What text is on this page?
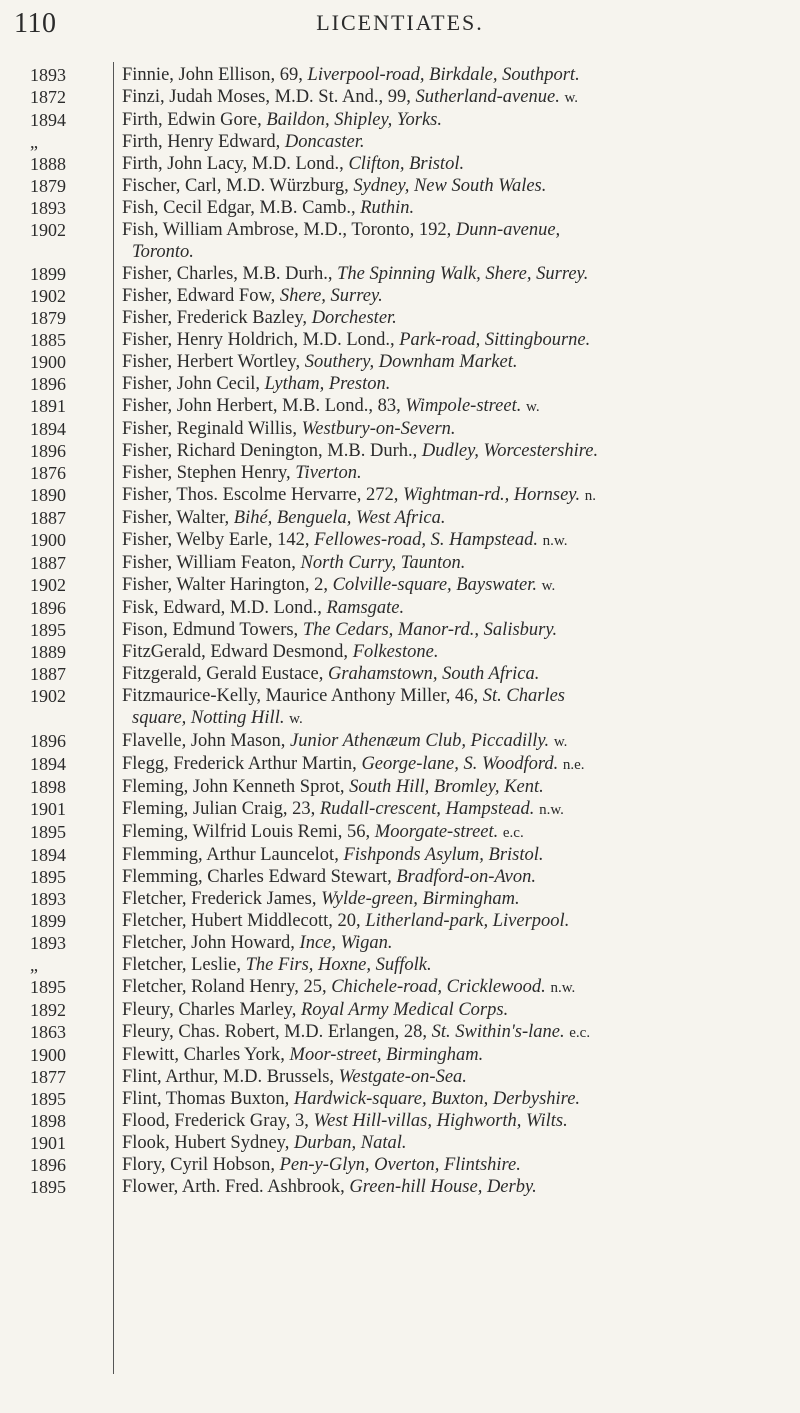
110	LICENTIATES.
1893	Finnie, John Ellison, 69, Liverpool-road, Birkdale, Southport.
1872	Finzi, Judah Moses, M.D. St. And., 99, Sutherland-avenue. w.
1894	Firth, Edwin Gore, Baildon, Shipley, Yorks.
„	Firth, Henry Edward, Doncaster.
1888	Firth, John Lacy, M.D. Lond., Clifton, Bristol.
1879	Fischer, Carl, M.D. Würzburg, Sydney, New South Wales.
1893	Fish, Cecil Edgar, M.B. Camb., Ruthin.
1902	Fish, William Ambrose, M.D., Toronto, 192, Dunn-avenue,
Toronto.
1899	Fisher, Charles, M.B. Durh., The Spinning Walk, Shere, Surrey.
1902	Fisher, Edward Fow, Shere, Surrey.
1879	Fisher, Frederick Bazley, Dorchester.
1885	Fisher, Henry Holdrich, M.D. Lond., Park-road, Sittingbourne.
1900	Fisher, Herbert Wortley, Southery, Downham Market.
1896	Fisher, John Cecil, Lytham, Preston.
1891	Fisher, John Herbert, M.B. Lond., 83, Wimpole-street. w.
1894	Fisher, Reginald Willis, Westbury-on-Severn.
1896	Fisher, Richard Denington, M.B. Durh., Dudley, Worcestershire.
1876	Fisher, Stephen Henry, Tiverton.
1890	Fisher, Thos. Escolme Hervarre, 272, Wightman-rd., Hornsey. n.
1887	Fisher, Walter, Bihé, Benguela, West Africa.
1900	Fisher, Welby Earle, 142, Fellowes-road, S. Hampstead. n.w.
1887	Fisher, William Featon, North Curry, Taunton.
1902	Fisher, Walter Harington, 2, Colville-square, Bayswater. w.
1896	Fisk, Edward, M.D. Lond., Ramsgate.
1895	Fison, Edmund Towers, The Cedars, Manor-rd., Salisbury.
1889	FitzGerald, Edward Desmond, Folkestone.
1887	Fitzgerald, Gerald Eustace, Grahamstown, South Africa.
1902	Fitzmaurice-Kelly, Maurice Anthony Miller, 46, St. Charles
square, Notting Hill. w.
1896	Flavelle, John Mason, Junior Athenæum Club, Piccadilly. w.
1894	Flegg, Frederick Arthur Martin, George-lane, S. Woodford. n.e.
1898	Fleming, John Kenneth Sprot, South Hill, Bromley, Kent.
1901	Fleming, Julian Craig, 23, Rudall-crescent, Hampstead. n.w.
1895	Fleming, Wilfrid Louis Remi, 56, Moorgate-street. e.c.
1894	Flemming, Arthur Launcelot, Fishponds Asylum, Bristol.
1895	Flemming, Charles Edward Stewart, Bradford-on-Avon.
1893	Fletcher, Frederick James, Wylde-green, Birmingham.
1899	Fletcher, Hubert Middlecott, 20, Litherland-park, Liverpool.
1893	Fletcher, John Howard, Ince, Wigan.
„	Fletcher, Leslie, The Firs, Hoxne, Suffolk.
1895	Fletcher, Roland Henry, 25, Chichele-road, Cricklewood. n.w.
1892	Fleury, Charles Marley, Royal Army Medical Corps.
1863	Fleury, Chas. Robert, M.D. Erlangen, 28, St. Swithin's-lane. e.c.
1900	Flewitt, Charles York, Moor-street, Birmingham.
1877	Flint, Arthur, M.D. Brussels, Westgate-on-Sea.
1895	Flint, Thomas Buxton, Hardwick-square, Buxton, Derbyshire.
1898	Flood, Frederick Gray, 3, West Hill-villas, Highworth, Wilts.
1901	Flook, Hubert Sydney, Durban, Natal.
1896	Flory, Cyril Hobson, Pen-y-Glyn, Overton, Flintshire.
1895	Flower, Arth. Fred. Ashbrook, Green-hill House, Derby.
